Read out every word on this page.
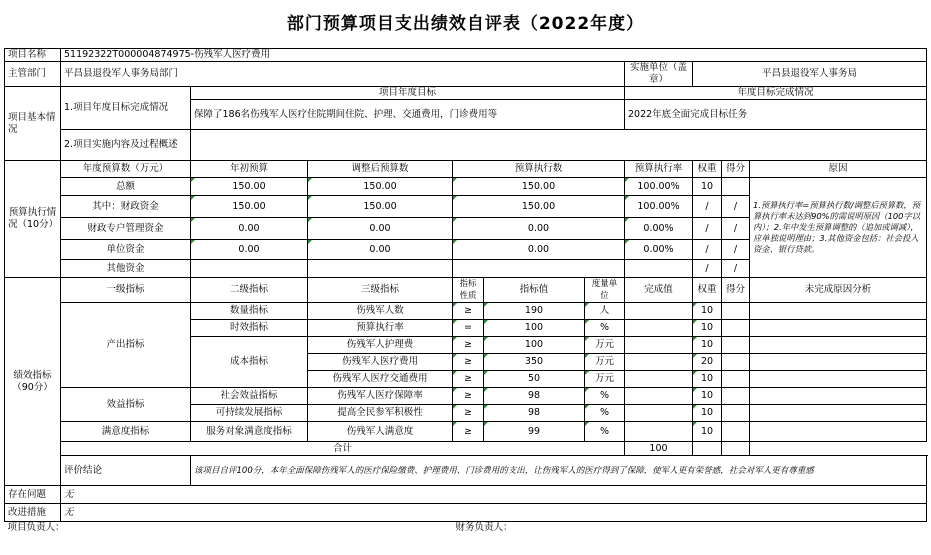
部门预算项目支出绩效自评表（2022年度）
项目名称	51192322T000004874975-伤残军人医疗费用									
主管部门	平昌县退役军人事务局部门						实施单位（盖章）	平昌县退役军人事务局		
项目基本情况	1.项目年度目标完成情况	项目年度目标					年度目标完成情况			
		保障了186名伤残军人医疗住院期间住院、护理、交通费用，门诊费用等					2022年底全面完成目标任务			
	2.项目实施内容及过程概述									
预算执行情况（10分）	年度预算数（万元）	年初预算	调整后预算数	预算执行数			预算执行率	权重	得分	原因
	总额	150.00	150.00	150.00			100.00%	10		1.预算执行率=预算执行数/调整后预算数，预算执行率未达到90%的需说明原因（100字以内）；2.年中发生预算调整的（追加或调减），应单独说明理由；3.其他资金包括：社会投入资金、银行贷款。
	其中：财政资金	150.00	150.00	150.00			100.00%	/	/	
	财政专户管理资金	0.00	0.00	0.00			0.00%	/	/	
	单位资金	0.00	0.00	0.00			0.00%	/	/	
	其他资金							/	/	
绩效指标（90分）	一级指标	二级指标	三级指标	指标性质	指标值	度量单位	完成值	权重	得分	未完成原因分析
	产出指标	数量指标	伤残军人数	≥	190	人		10		
		时效指标	预算执行率	=	100	%		10		
		成本指标	伤残军人护理费	≥	100	万元		10		
			伤残军人医疗费用	≥	350	万元		20		
			伤残军人医疗交通费用	≥	50	万元		10		
	效益指标	社会效益指标	伤残军人医疗保障率	≥	98	%		10		
		可持续发展指标	提高全民参军积极性	≥	98	%		10		
	满意度指标	服务对象满意度指标	伤残军人满意度	≥	99	%		10		
	合计						100			
	评价结论	该项目自评100分，本年全面保障伤残军人的医疗保险缴费、护理费用、门诊费用的支出，让伤残军人的医疗得到了保障，使军人更有荣誉感，社会对军人更有尊重感								
存在问题	无									
改进措施	无									
项目负责人：				财务负责人：						
